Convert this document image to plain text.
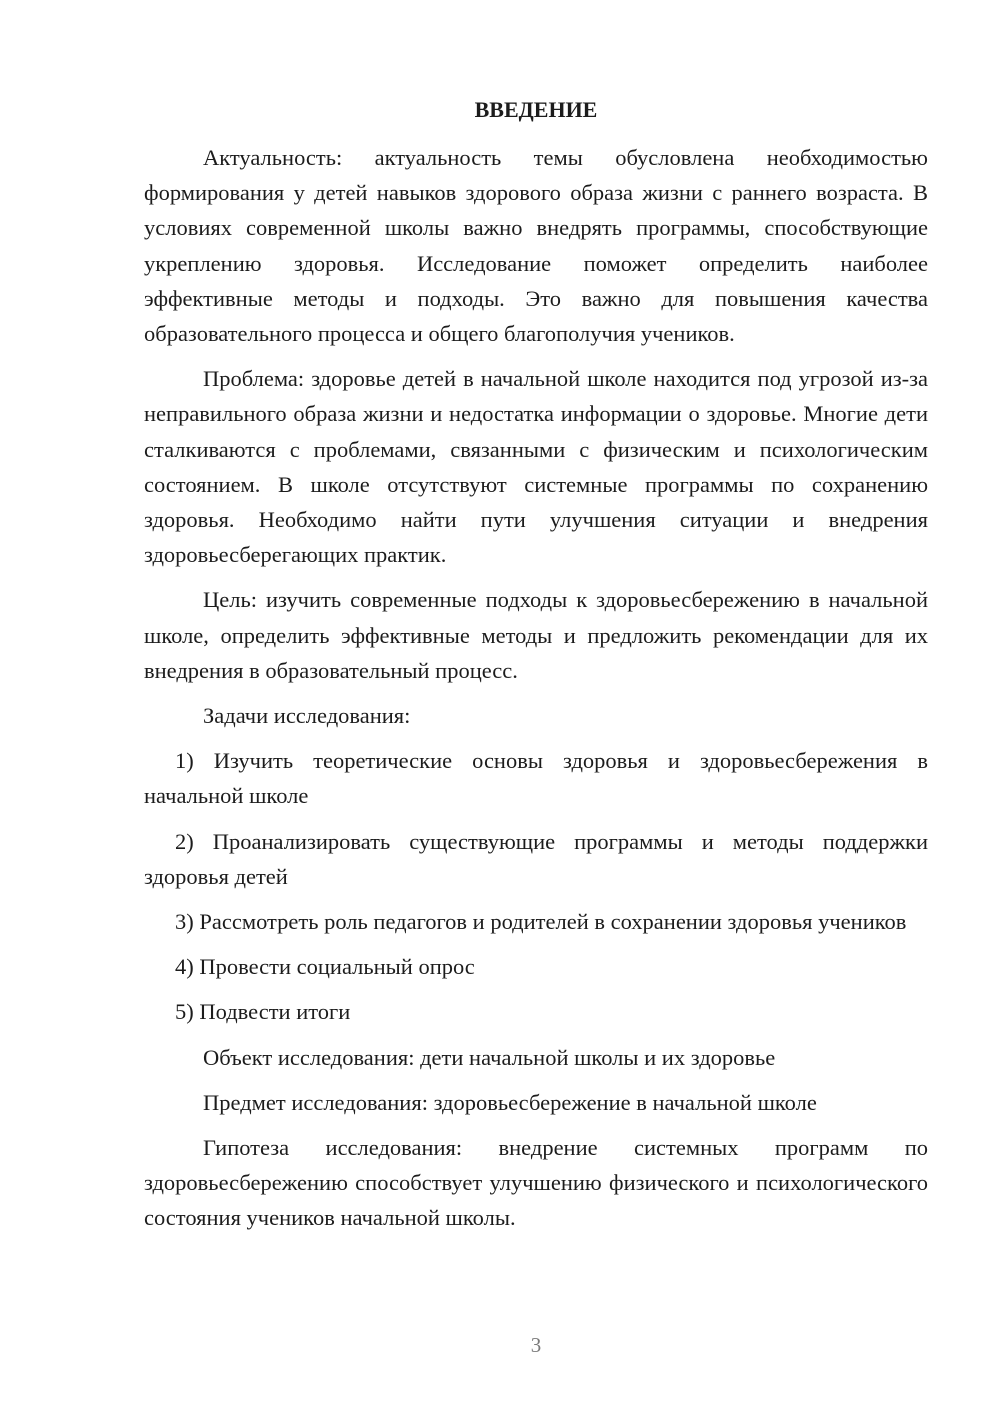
ВВЕДЕНИЕ

Актуальность: актуальность темы обусловлена необходимостью формирования у детей навыков здорового образа жизни с раннего возраста. В условиях современной школы важно внедрять программы, способствующие укреплению здоровья. Исследование поможет определить наиболее эффективные методы и подходы. Это важно для повышения качества образовательного процесса и общего благополучия учеников.

Проблема: здоровье детей в начальной школе находится под угрозой из-за неправильного образа жизни и недостатка информации о здоровье. Многие дети сталкиваются с проблемами, связанными с физическим и психологическим состоянием. В школе отсутствуют системные программы по сохранению здоровья. Необходимо найти пути улучшения ситуации и внедрения здоровьесберегающих практик.

Цель: изучить современные подходы к здоровьесбережению в начальной школе, определить эффективные методы и предложить рекомендации для их внедрения в образовательный процесс.

Задачи исследования:

1) Изучить теоретические основы здоровья и здоровьесбережения в начальной школе

2) Проанализировать существующие программы и методы поддержки здоровья детей

3) Рассмотреть роль педагогов и родителей в сохранении здоровья учеников

4) Провести социальный опрос

5) Подвести итоги

Объект исследования: дети начальной школы и их здоровье

Предмет исследования: здоровьесбережение в начальной школе

Гипотеза исследования: внедрение системных программ по здоровьесбережению способствует улучшению физического и психологического состояния учеников начальной школы.

3
